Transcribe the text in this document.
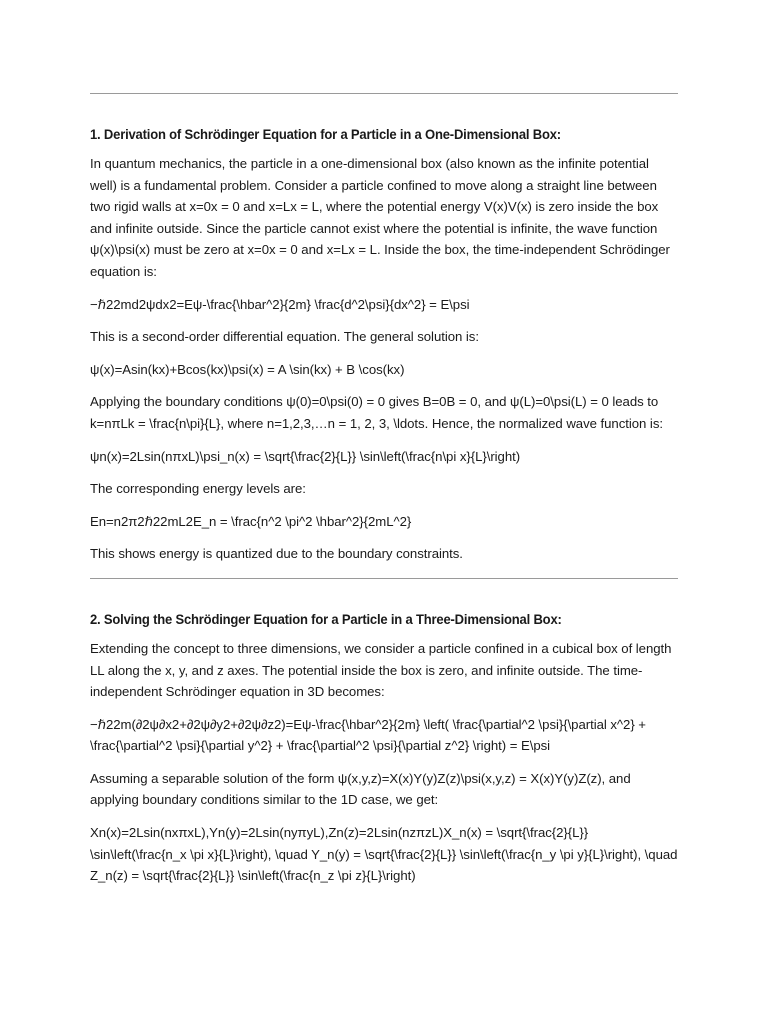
1. Derivation of Schrödinger Equation for a Particle in a One-Dimensional Box:

In quantum mechanics, the particle in a one-dimensional box (also known as the infinite potential well) is a fundamental problem. Consider a particle confined to move along a straight line between two rigid walls at x=0x = 0 and x=Lx = L, where the potential energy V(x)V(x) is zero inside the box and infinite outside. Since the particle cannot exist where the potential is infinite, the wave function ψ(x)\psi(x) must be zero at x=0x = 0 and x=Lx = L. Inside the box, the time-independent Schrödinger equation is:

−ℏ22md2ψdx2=Eψ-\frac{\hbar^2}{2m} \frac{d^2\psi}{dx^2} = E\psi

This is a second-order differential equation. The general solution is:

ψ(x)=Asin(kx)+Bcos(kx)\psi(x) = A \sin(kx) + B \cos(kx)

Applying the boundary conditions ψ(0)=0\psi(0) = 0 gives B=0B = 0, and ψ(L)=0\psi(L) = 0 leads to k=nπLk = \frac{n\pi}{L}, where n=1,2,3,…n = 1, 2, 3, \ldots. Hence, the normalized wave function is:

ψn(x)=2Lsin(nπxL)\psi_n(x) = \sqrt{\frac{2}{L}} \sin\left(\frac{n\pi x}{L}\right)

The corresponding energy levels are:

En=n2π2ℏ22mL2E_n = \frac{n^2 \pi^2 \hbar^2}{2mL^2}

This shows energy is quantized due to the boundary constraints.

2. Solving the Schrödinger Equation for a Particle in a Three-Dimensional Box:

Extending the concept to three dimensions, we consider a particle confined in a cubical box of length LL along the x, y, and z axes. The potential inside the box is zero, and infinite outside. The time-independent Schrödinger equation in 3D becomes:

−ℏ22m(∂2ψ∂x2+∂2ψ∂y2+∂2ψ∂z2)=Eψ-\frac{\hbar^2}{2m} \left( \frac{\partial^2 \psi}{\partial x^2} + \frac{\partial^2 \psi}{\partial y^2} + \frac{\partial^2 \psi}{\partial z^2} \right) = E\psi

Assuming a separable solution of the form ψ(x,y,z)=X(x)Y(y)Z(z)\psi(x,y,z) = X(x)Y(y)Z(z), and applying boundary conditions similar to the 1D case, we get:

Xn(x)=2Lsin(nxπxL),Yn(y)=2Lsin(nyπyL),Zn(z)=2Lsin(nzπzL)X_n(x) = \sqrt{\frac{2}{L}} \sin\left(\frac{n_x \pi x}{L}\right), \quad Y_n(y) = \sqrt{\frac{2}{L}} \sin\left(\frac{n_y \pi y}{L}\right), \quad Z_n(z) = \sqrt{\frac{2}{L}} \sin\left(\frac{n_z \pi z}{L}\right)
